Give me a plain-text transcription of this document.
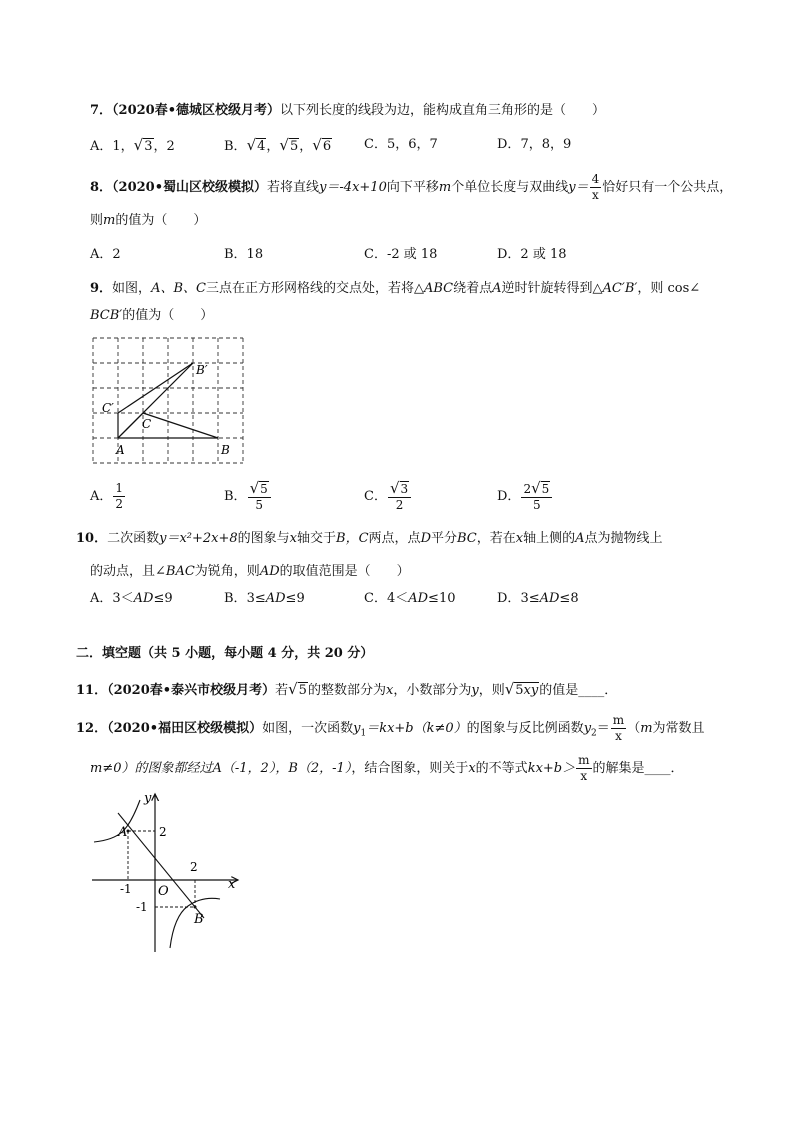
7．（2020春•德城区校级月考）以下列长度的线段为边，能构成直角三角形的是（　　）
A．1，√3，2	B．√4，√5，√6	C．5，6，7	D．7，8，9
8．（2020•蜀山区校级模拟）若将直线y＝-4x+10向下平移m个单位长度与双曲线$y= \frac{4}{x}$ 恰好只有一个公共点，
则m的值为（　　）
A．2	B．18	C．-2 或 18	D．2 或 18
9．如图，A、B、C三点在正方形网格线的交点处，若将△ABC绕着点A逆时针旋转得到△AC′B′，则 cos∠
BCB′的值为（　　）
A	B
C
C′
B′
A． $\frac{1}{2}$	B． $\frac{√5}{5}$	C． $\frac{√3}{2}$	D． $\frac{2√5}{5}$
10．二次函数y＝x²+2x+8的图象与x轴交于B，C两点，点D平分BC，若在x轴上侧的A点为抛物线上
的动点，且∠BAC为锐角，则AD的取值范围是（　　）
A．3＜AD≤9	B．3≤AD≤9	C．4＜AD≤10	D．3≤AD≤8
二．填空题（共 5 小题，每小题 4 分，共 20 分）
11．（2020春•泰兴市校级月考）若√5的整数部分为x，小数部分为y，则√5xy的值是____．
12．（2020•福田区校级模拟）如图，一次函数$y_1=kx+b(k\ne 0)$的图象与反比例函数$y_2= \frac{m}{x} (m$为常数且
m≠0）的图象都经过A（-1，2），B（2，-1），结合图象，则关于x的不等式$kx+b> \frac{m}{x}$ 的解集是____．
y
x
O
A
B
2
2
-1
-1
